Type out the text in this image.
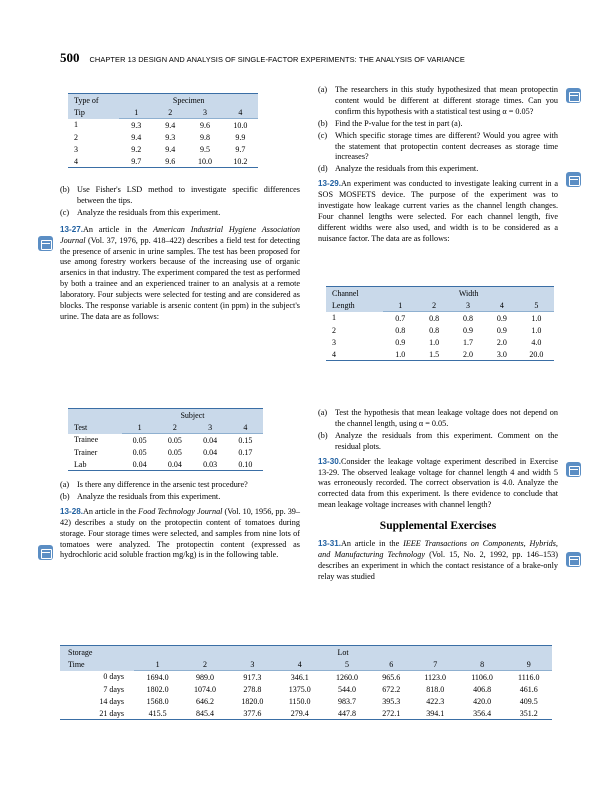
500 CHAPTER 13 DESIGN AND ANALYSIS OF SINGLE-FACTOR EXPERIMENTS: THE ANALYSIS OF VARIANCE
Type of	Specimen			
Tip	1	2	3	4
1	9.3	9.4	9.6	10.0
2	9.4	9.3	9.8	9.9
3	9.2	9.4	9.5	9.7
4	9.7	9.6	10.0	10.2
(b) Use Fisher's LSD method to investigate specific differences between the tips.
(c) Analyze the residuals from this experiment.

13-27.An article in the American Industrial Hygiene Association Journal (Vol. 37, 1976, pp. 418–422) describes a field test for detecting the presence of arsenic in urine samples. The test has been proposed for use among forestry workers because of the increasing use of organic arsenics in that industry. The experiment compared the test as performed by both a trainee and an experienced trainer to an analysis at a remote laboratory. Four subjects were selected for testing and are considered as blocks. The response variable is arsenic content (in ppm) in the subject's urine. The data are as follows:

	Subject			
Test	1	2	3	4
Trainee	0.05	0.05	0.04	0.15
Trainer	0.05	0.05	0.04	0.17
Lab	0.04	0.04	0.03	0.10
(a) Is there any difference in the arsenic test procedure?
(b) Analyze the residuals from this experiment.

13-28.An article in the Food Technology Journal (Vol. 10, 1956, pp. 39–42) describes a study on the protopectin content of tomatoes during storage. Four storage times were selected, and samples from nine lots of tomatoes were analyzed. The protopectin content (expressed as hydrochloric acid soluble fraction mg/kg) is in the following table.

(a) The researchers in this study hypothesized that mean protopectin content would be different at different storage times. Can you confirm this hypothesis with a statistical test using α = 0.05?
(b) Find the P-value for the test in part (a).
(c) Which specific storage times are different? Would you agree with the statement that protopectin content decreases as storage time increases?
(d) Analyze the residuals from this experiment.

13-29.An experiment was conducted to investigate leaking current in a SOS MOSFETS device. The purpose of the experiment was to investigate how leakage current varies as the channel length changes. Four channel lengths were selected. For each channel length, five different widths were also used, and width is to be considered as a nuisance factor. The data are as follows:

Channel	Width				
Length	1	2	3	4	5
1	0.7	0.8	0.8	0.9	1.0
2	0.8	0.8	0.9	0.9	1.0
3	0.9	1.0	1.7	2.0	4.0
4	1.0	1.5	2.0	3.0	20.0
(a) Test the hypothesis that mean leakage voltage does not depend on the channel length, using α = 0.05.
(b) Analyze the residuals from this experiment. Comment on the residual plots.

13-30.Consider the leakage voltage experiment described in Exercise 13-29. The observed leakage voltage for channel length 4 and width 5 was erroneously recorded. The correct observation is 4.0. Analyze the corrected data from this experiment. Is there evidence to conclude that mean leakage voltage increases with channel length?

Supplemental Exercises

13-31.An article in the IEEE Transactions on Components, Hybrids, and Manufacturing Technology (Vol. 15, No. 2, 1992, pp. 146–153) describes an experiment in which the contact resistance of a brake-only relay was studied

Storage	Lot								
Time	1	2	3	4	5	6	7	8	9
0 days	1694.0	989.0	917.3	346.1	1260.0	965.6	1123.0	1106.0	1116.0
7 days	1802.0	1074.0	278.8	1375.0	544.0	672.2	818.0	406.8	461.6
14 days	1568.0	646.2	1820.0	1150.0	983.7	395.3	422.3	420.0	409.5
21 days	415.5	845.4	377.6	279.4	447.8	272.1	394.1	356.4	351.2
